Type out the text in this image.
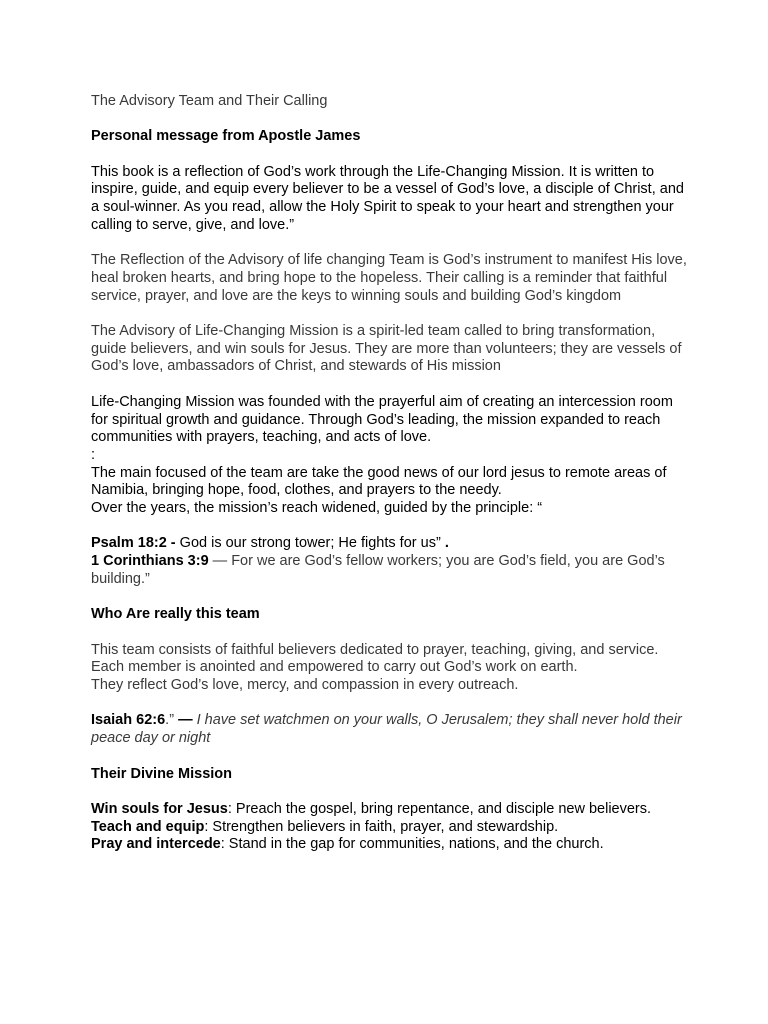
The Advisory Team and Their Calling
Personal message from Apostle James
This book is a reflection of God’s work through the Life-Changing Mission. It is written to inspire, guide, and equip every believer to be a vessel of God’s love, a disciple of Christ, and a soul-winner. As you read, allow the Holy Spirit to speak to your heart and strengthen your calling to serve, give, and love.”
The Reflection of the Advisory of life changing Team is God’s instrument to manifest His love, heal broken hearts, and bring hope to the hopeless. Their calling is a reminder that faithful service, prayer, and love are the keys to winning souls and building God’s kingdom
The Advisory of Life-Changing Mission is a spirit-led team called to bring transformation, guide believers, and win souls for Jesus. They are more than volunteers; they are vessels of God’s love, ambassadors of Christ, and stewards of His mission
Life-Changing Mission was founded with the prayerful aim of creating an intercession room for spiritual growth and guidance. Through God’s leading, the mission expanded to reach communities with prayers, teaching, and acts of love.
:
The main focused of the team are take the good news of our lord jesus to remote areas of Namibia, bringing hope, food, clothes, and prayers to the needy.
Over the years, the mission’s reach widened, guided by the principle: “
Psalm 18:2 - God is our strong tower; He fights for us” .
1 Corinthians 3:9 — For we are God’s fellow workers; you are God’s field, you are God’s building.”
Who Are really this team
This team consists of faithful believers dedicated to prayer, teaching, giving, and service.
Each member is anointed and empowered to carry out God’s work on earth.
They reflect God’s love, mercy, and compassion in every outreach.
Isaiah 62:6.” — I have set watchmen on your walls, O Jerusalem; they shall never hold their peace day or night
Their Divine Mission
Win souls for Jesus: Preach the gospel, bring repentance, and disciple new believers.
Teach and equip: Strengthen believers in faith, prayer, and stewardship.
Pray and intercede: Stand in the gap for communities, nations, and the church.
